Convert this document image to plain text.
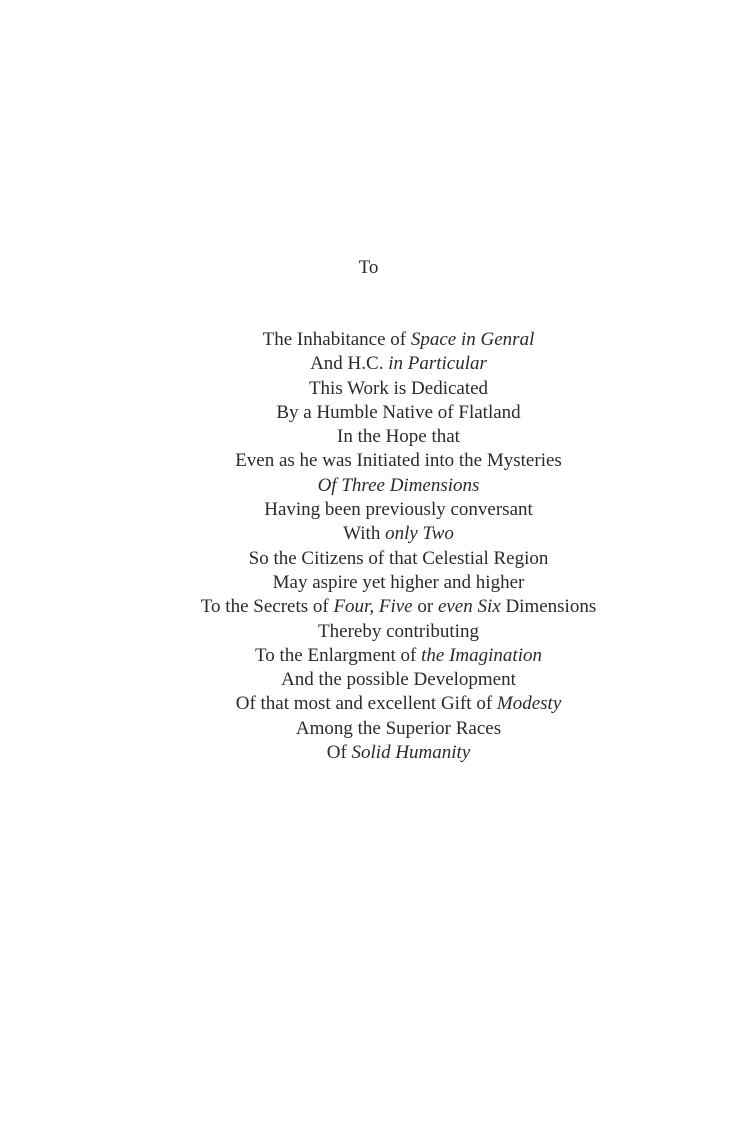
To
The Inhabitance of Space in Genral
And H.C. in Particular
This Work is Dedicated
By a Humble Native of Flatland
In the Hope that
Even as he was Initiated into the Mysteries
Of Three Dimensions
Having been previously conversant
With only Two
So the Citizens of that Celestial Region
May aspire yet higher and higher
To the Secrets of Four, Five or even Six Dimensions
Thereby contributing
To the Enlargment of the Imagination
And the possible Development
Of that most and excellent Gift of Modesty
Among the Superior Races
Of Solid Humanity
